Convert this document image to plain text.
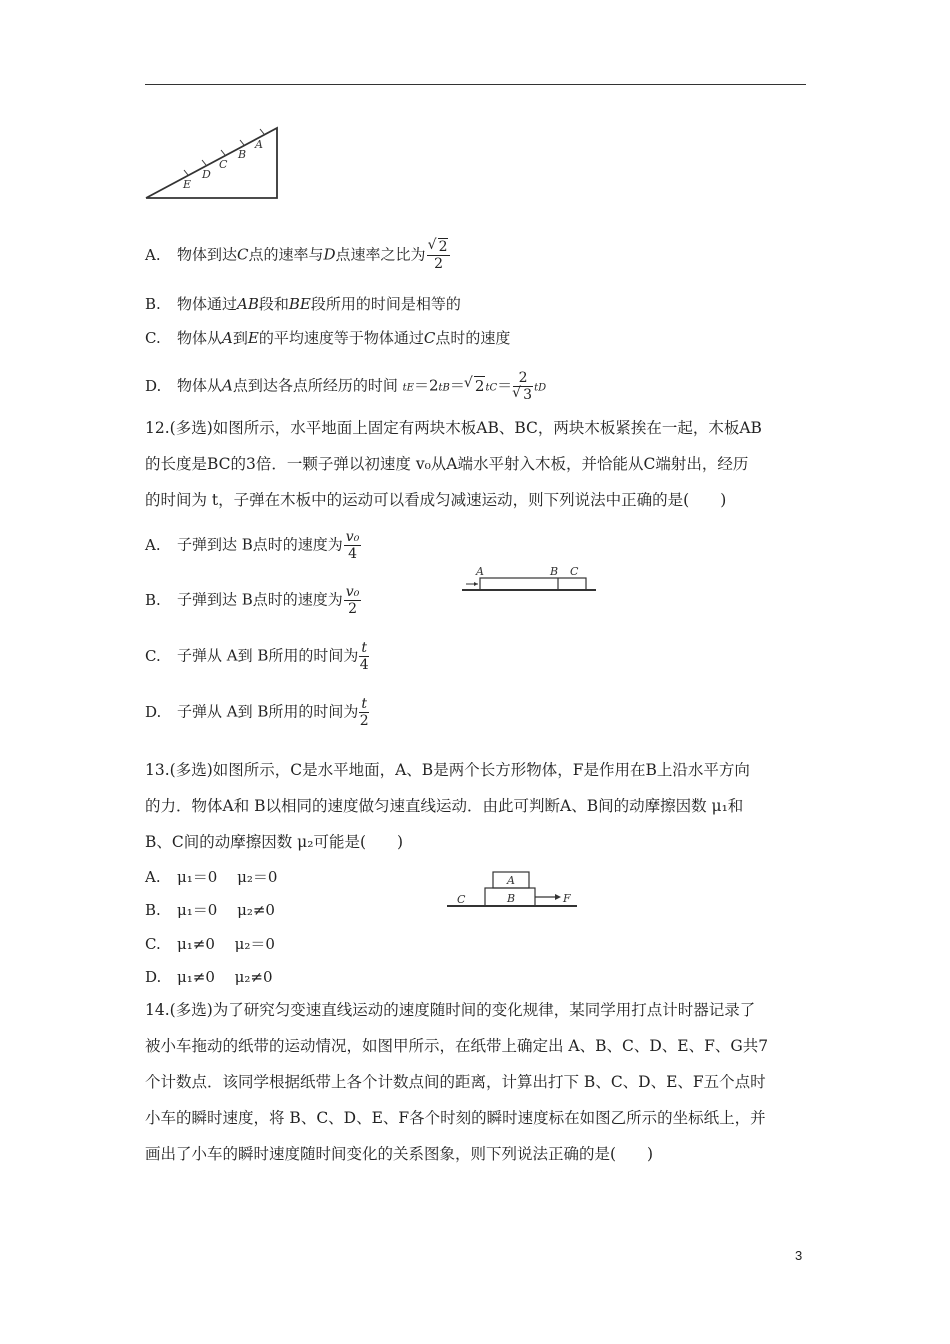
A
B
C
D
E
A. 物体到达C点的速率与D点速率之比为 √ $\frac{2}{2}$
B. 物体通过AB段和BE段所用的时间是相等的
C. 物体从A到E的平均速度等于物体通过C点时的速度
D. 物体从A点到达各点所经历的时间 tE＝2tB＝ √ 2tC＝ 2
√ 3 tD
12.(多选)如图所示，水平地面上固定有两块木板AB、BC，两块木板紧挨在一起，木板AB
的长度是BC的3倍．一颗子弹以初速度 v₀从A端水平射入木板，并恰能从C端射出，经历
的时间为 t，子弹在木板中的运动可以看成匀减速运动，则下列说法中正确的是(　　)
A	B C
A. 子弹到达 B点时的速度为 $\frac{\text{v₀}}{4}$
B. 子弹到达 B点时的速度为 $\frac{\text{v₀}}{2}$
C. 子弹从 A到 B所用的时间为 $\frac{t}{4}$
D. 子弹从 A到 B所用的时间为 $\frac{t}{2}$
13.(多选)如图所示，C是水平地面，A、B是两个长方形物体，F是作用在B上沿水平方向
的力．物体A和 B以相同的速度做匀速直线运动．由此可判断A、B间的动摩擦因数 μ₁和
B、C间的动摩擦因数 μ₂可能是(　　)
A
B
C	F
A. μ₁＝0　 μ₂＝0
B. μ₁＝0　 μ₂≠0
C. μ₁≠0　 μ₂＝0
D. μ₁≠0　 μ₂≠0
14.(多选)为了研究匀变速直线运动的速度随时间的变化规律，某同学用打点计时器记录了
被小车拖动的纸带的运动情况，如图甲所示，在纸带上确定出 A、B、C、D、E、F、G共7
个计数点．该同学根据纸带上各个计数点间的距离，计算出打下 B、C、D、E、F五个点时
小车的瞬时速度，将 B、C、D、E、F各个时刻的瞬时速度标在如图乙所示的坐标纸上，并
画出了小车的瞬时速度随时间变化的关系图象，则下列说法正确的是(　　)
3
